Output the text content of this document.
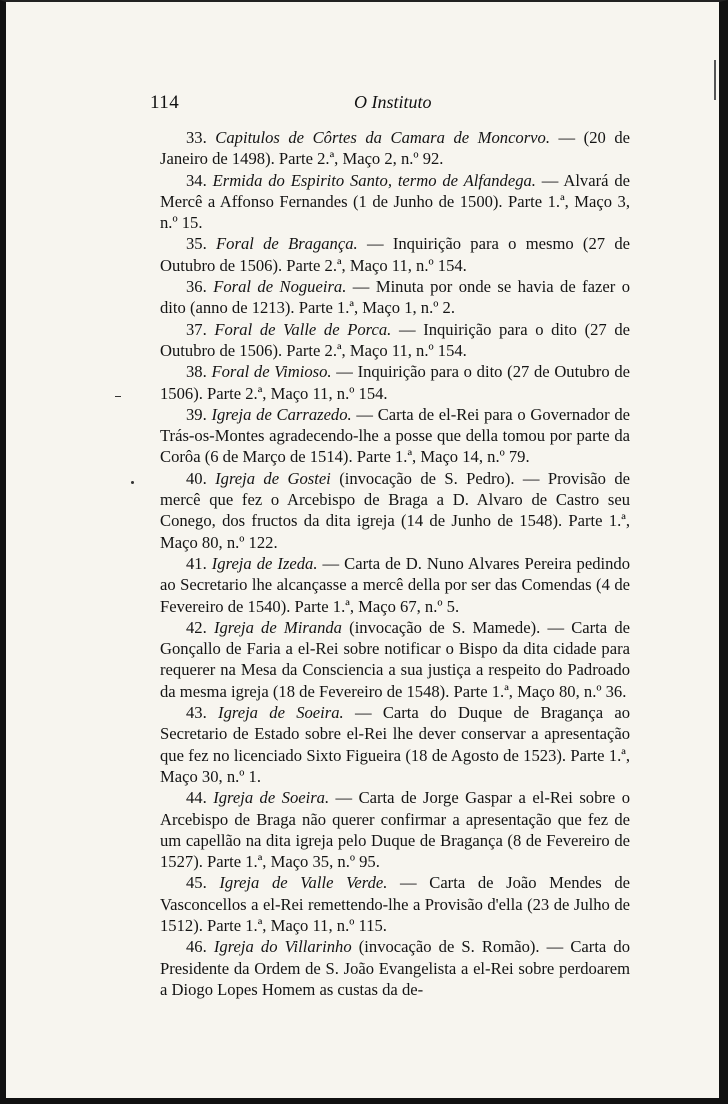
114	O Instituto

33. Capitulos de Côrtes da Camara de Moncorvo. — (20 de Janeiro de 1498). Parte 2.ª, Maço 2, n.º 92.

34. Ermida do Espirito Santo, termo de Alfandega. — Alvará de Mercê a Affonso Fernandes (1 de Junho de 1500). Parte 1.ª, Maço 3, n.º 15.

35. Foral de Bragança. — Inquirição para o mesmo (27 de Outubro de 1506). Parte 2.ª, Maço 11, n.º 154.

36. Foral de Nogueira. — Minuta por onde se havia de fazer o dito (anno de 1213). Parte 1.ª, Maço 1, n.º 2.

37. Foral de Valle de Porca. — Inquirição para o dito (27 de Outubro de 1506). Parte 2.ª, Maço 11, n.º 154.

38. Foral de Vimioso. — Inquirição para o dito (27 de Outubro de 1506). Parte 2.ª, Maço 11, n.º 154.

39. Igreja de Carrazedo. — Carta de el-Rei para o Governador de Trás-os-Montes agradecendo-lhe a posse que della tomou por parte da Corôa (6 de Março de 1514). Parte 1.ª, Maço 14, n.º 79.

40. Igreja de Gostei (invocação de S. Pedro). — Provisão de mercê que fez o Arcebispo de Braga a D. Alvaro de Castro seu Conego, dos fructos da dita igreja (14 de Junho de 1548). Parte 1.ª, Maço 80, n.º 122.

41. Igreja de Izeda. — Carta de D. Nuno Alvares Pereira pedindo ao Secretario lhe alcançasse a mercê della por ser das Comendas (4 de Fevereiro de 1540). Parte 1.ª, Maço 67, n.º 5.

42. Igreja de Miranda (invocação de S. Mamede). — Carta de Gonçallo de Faria a el-Rei sobre notificar o Bispo da dita cidade para requerer na Mesa da Consciencia a sua justiça a respeito do Padroado da mesma igreja (18 de Fevereiro de 1548). Parte 1.ª, Maço 80, n.º 36.

43. Igreja de Soeira. — Carta do Duque de Bragança ao Secretario de Estado sobre el-Rei lhe dever conservar a apresentação que fez no licenciado Sixto Figueira (18 de Agosto de 1523). Parte 1.ª, Maço 30, n.º 1.

44. Igreja de Soeira. — Carta de Jorge Gaspar a el-Rei sobre o Arcebispo de Braga não querer confirmar a apresentação que fez de um capellão na dita igreja pelo Duque de Bragança (8 de Fevereiro de 1527). Parte 1.ª, Maço 35, n.º 95.

45. Igreja de Valle Verde. — Carta de João Mendes de Vasconcellos a el-Rei remettendo-lhe a Provisão d'ella (23 de Julho de 1512). Parte 1.ª, Maço 11, n.º 115.

46. Igreja do Villarinho (invocação de S. Romão). — Carta do Presidente da Ordem de S. João Evangelista a el-Rei sobre perdoarem a Diogo Lopes Homem as custas da de-
